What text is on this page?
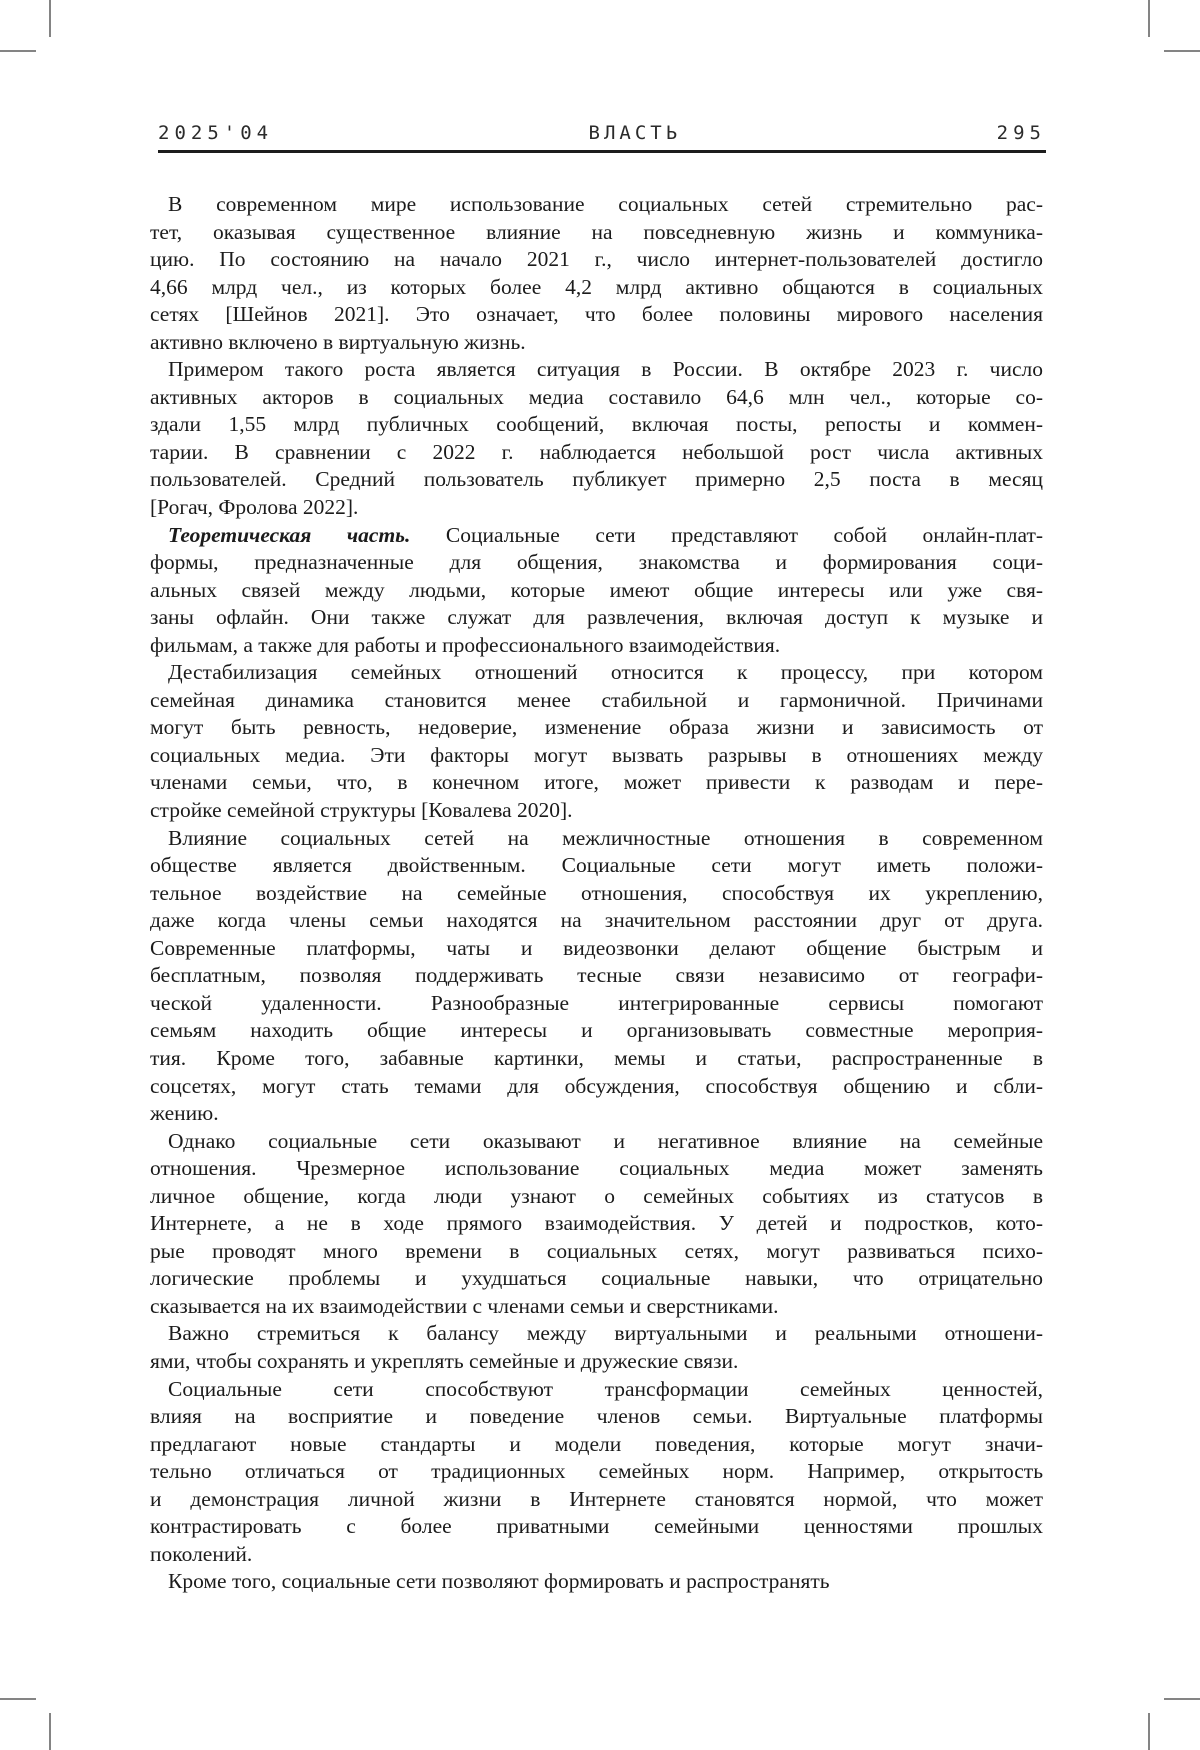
2025'04	ВЛАСТЬ	295
В современном мире использование социальных сетей стремительно рас-
тет, оказывая существенное влияние на повседневную жизнь и коммуника-
цию. По состоянию на начало 2021 г., число интернет-пользователей достигло
4,66 млрд чел., из которых более 4,2 млрд активно общаются в социальных
сетях [Шейнов 2021]. Это означает, что более половины мирового населения
активно включено в виртуальную жизнь.
Примером такого роста является ситуация в России. В октябре 2023 г. число
активных акторов в социальных медиа составило 64,6 млн чел., которые со-
здали 1,55 млрд публичных сообщений, включая посты, репосты и коммен-
тарии. В сравнении с 2022 г. наблюдается небольшой рост числа активных
пользователей. Средний пользователь публикует примерно 2,5 поста в месяц
[Рогач, Фролова 2022].
Теоретическая часть. Социальные сети представляют собой онлайн-плат-
формы, предназначенные для общения, знакомства и формирования соци-
альных связей между людьми, которые имеют общие интересы или уже свя-
заны офлайн. Они также служат для развлечения, включая доступ к музыке и
фильмам, а также для работы и профессионального взаимодействия.
Дестабилизация семейных отношений относится к процессу, при котором
семейная динамика становится менее стабильной и гармоничной. Причинами
могут быть ревность, недоверие, изменение образа жизни и зависимость от
социальных медиа. Эти факторы могут вызвать разрывы в отношениях между
членами семьи, что, в конечном итоге, может привести к разводам и пере-
стройке семейной структуры [Ковалева 2020].
Влияние социальных сетей на межличностные отношения в современном
обществе является двойственным. Социальные сети могут иметь положи-
тельное воздействие на семейные отношения, способствуя их укреплению,
даже когда члены семьи находятся на значительном расстоянии друг от друга.
Современные платформы, чаты и видеозвонки делают общение быстрым и
бесплатным, позволяя поддерживать тесные связи независимо от географи-
ческой удаленности. Разнообразные интегрированные сервисы помогают
семьям находить общие интересы и организовывать совместные мероприя-
тия. Кроме того, забавные картинки, мемы и статьи, распространенные в
соцсетях, могут стать темами для обсуждения, способствуя общению и сбли-
жению.
Однако социальные сети оказывают и негативное влияние на семейные
отношения. Чрезмерное использование социальных медиа может заменять
личное общение, когда люди узнают о семейных событиях из статусов в
Интернете, а не в ходе прямого взаимодействия. У детей и подростков, кото-
рые проводят много времени в социальных сетях, могут развиваться психо-
логические проблемы и ухудшаться социальные навыки, что отрицательно
сказывается на их взаимодействии с членами семьи и сверстниками.
Важно стремиться к балансу между виртуальными и реальными отношени-
ями, чтобы сохранять и укреплять семейные и дружеские связи.
Социальные сети способствуют трансформации семейных ценностей,
влияя на восприятие и поведение членов семьи. Виртуальные платформы
предлагают новые стандарты и модели поведения, которые могут значи-
тельно отличаться от традиционных семейных норм. Например, открытость
и демонстрация личной жизни в Интернете становятся нормой, что может
контрастировать с более приватными семейными ценностями прошлых
поколений.
Кроме того, социальные сети позволяют формировать и распространять
